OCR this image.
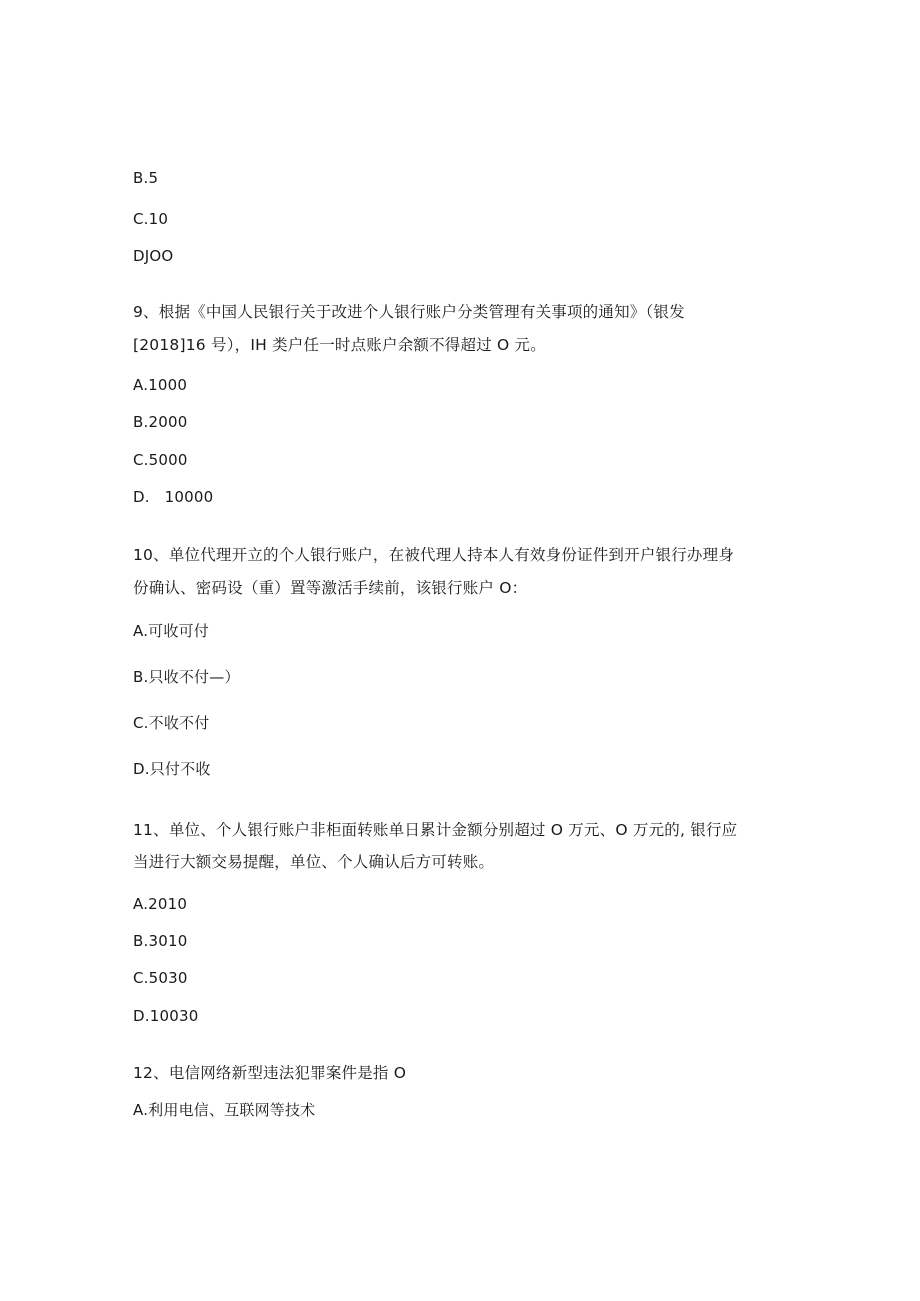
B.5
C.10
DJOO
9、根据《中国人民银行关于改进个人银行账户分类管理有关事项的通知》（银发
[2018]16 号），IH 类户任一时点账户余额不得超过 O 元。
A.1000
B.2000
C.5000
D.   10000
10、单位代理开立的个人银行账户，在被代理人持本人有效身份证件到开户银行办理身
份确认、密码设（重）置等激活手续前，该银行账户 O：
A.可收可付
B.只收不付—）
C.不收不付
D.只付不收
11、单位、个人银行账户非柜面转账单日累计金额分别超过 O 万元、O 万元的, 银行应
当进行大额交易提醒，单位、个人确认后方可转账。
A.2010
B.3010
C.5030
D.10030
12、电信网络新型违法犯罪案件是指 O
A.利用电信、互联网等技术
